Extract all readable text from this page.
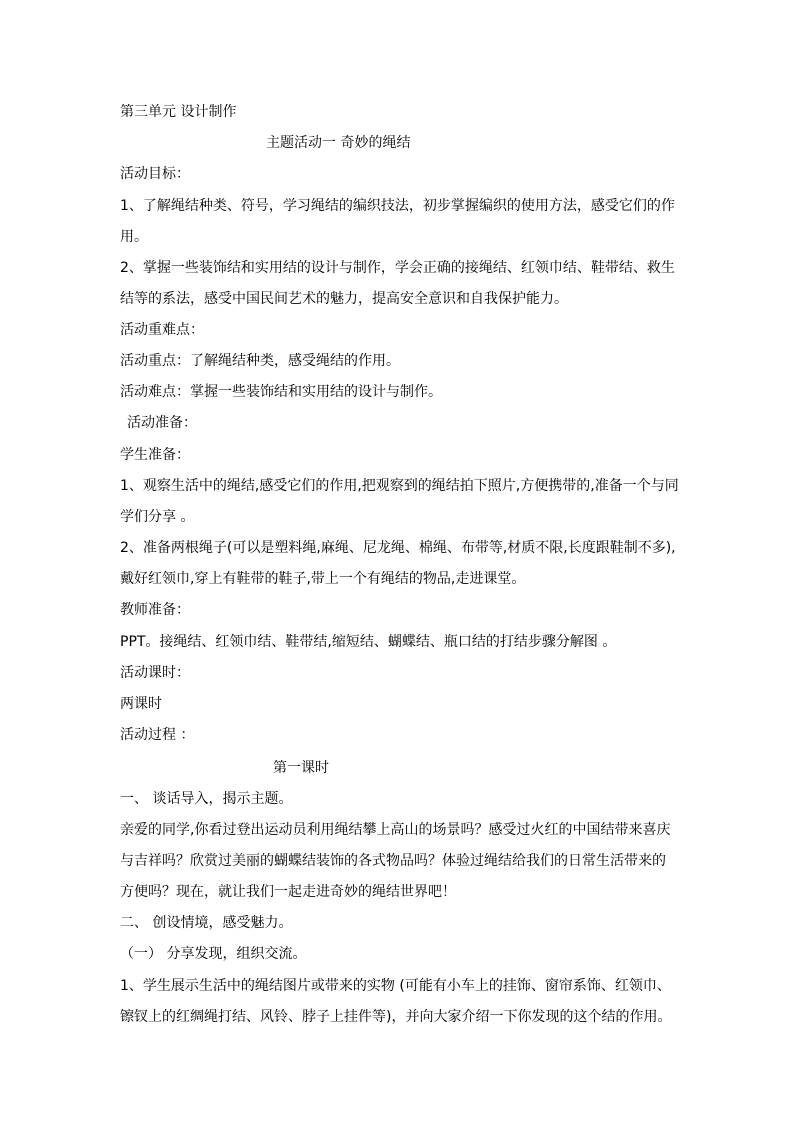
第三单元 设计制作
主题活动一 奇妙的绳结
活动目标：
1、了解绳结种类、符号，学习绳结的编织技法，初步掌握编织的使用方法，感受它们的作
用。
2、掌握一些装饰结和实用结的设计与制作，学会正确的接绳结、红领巾结、鞋带结、救生
结等的系法，感受中国民间艺术的魅力，提高安全意识和自我保护能力。
活动重难点：
活动重点：了解绳结种类，感受绳结的作用。
活动难点：掌握一些装饰结和实用结的设计与制作。
活动准备：
学生准备：
1、观察生活中的绳结,感受它们的作用,把观察到的绳结拍下照片,方便携带的,准备一个与同
学们分享 。
2、准备两根绳子(可以是塑料绳,麻绳、尼龙绳、棉绳、布带等,材质不限,长度跟鞋制不多),
戴好红领巾,穿上有鞋带的鞋子,带上一个有绳结的物品,走进课堂。
教师准备：
PPT。接绳结、红领巾结、鞋带结,缩短结、蝴蝶结、瓶口结的打结步骤分解图 。
活动课时：
两课时
活动过程 ：
第一课时
一、 谈话导入，揭示主题。
亲爱的同学,你看过登出运动员利用绳结攀上高山的场景吗？感受过火红的中国结带来喜庆
与吉祥吗？欣赏过美丽的蝴蝶结装饰的各式物品吗？体验过绳结给我们的日常生活带来的
方便吗？现在，就让我们一起走进奇妙的绳结世界吧！
二、 创设情境，感受魅力。
（一） 分享发现，组织交流。
1、学生展示生活中的绳结图片或带来的实物 (可能有小车上的挂饰、窗帘系饰、红领巾、
镲钗上的红绸绳打结、风铃、脖子上挂件等)，并向大家介绍一下你发现的这个结的作用。
